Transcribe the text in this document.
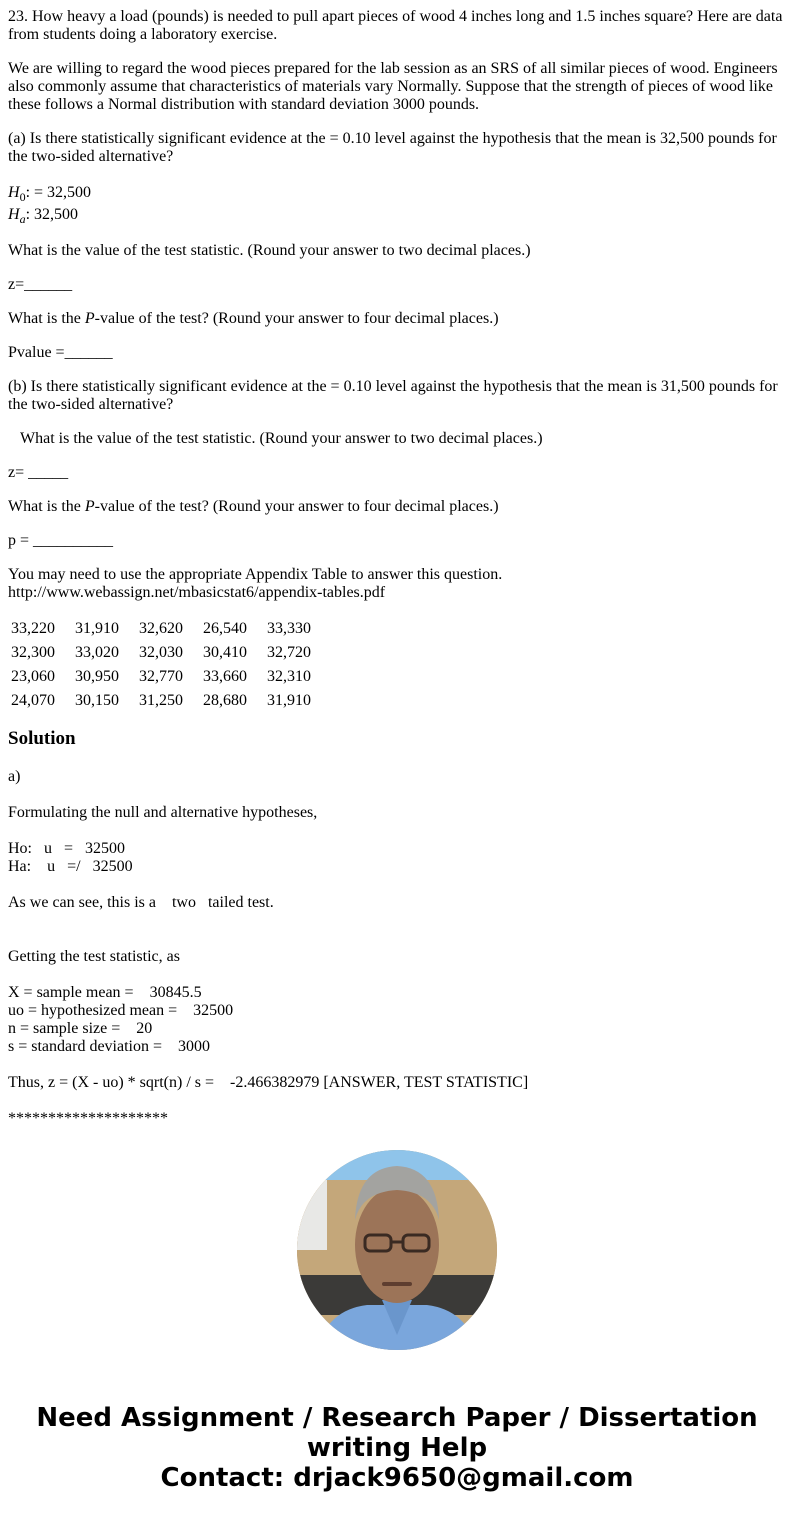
23. How heavy a load (pounds) is needed to pull apart pieces of wood 4 inches long and 1.5 inches square? Here are data from students doing a laboratory exercise.

We are willing to regard the wood pieces prepared for the lab session as an SRS of all similar pieces of wood. Engineers also commonly assume that characteristics of materials vary Normally. Suppose that the strength of pieces of wood like these follows a Normal distribution with standard deviation 3000 pounds.

(a) Is there statistically significant evidence at the = 0.10 level against the hypothesis that the mean is 32,500 pounds for the two-sided alternative?

$H_0$: = 32,500
$H_a$: 32,500

What is the value of the test statistic. (Round your answer to two decimal places.)

z=______

What is the P-value of the test? (Round your answer to four decimal places.)

Pvalue =______

(b) Is there statistically significant evidence at the = 0.10 level against the hypothesis that the mean is 31,500 pounds for the two-sided alternative?

What is the value of the test statistic. (Round your answer to two decimal places.)

z= _____

What is the P-value of the test? (Round your answer to four decimal places.)

p = __________

You may need to use the appropriate Appendix Table to answer this question.
http://www.webassign.net/mbasicstat6/appendix-tables.pdf

33,220	31,910	32,620	26,540	33,330
32,300	33,020	32,030	30,410	32,720
23,060	30,950	32,770	33,660	32,310
24,070	30,150	31,250	28,680	31,910
Solution

a)

Formulating the null and alternative hypotheses,

Ho:   u   =   32500
Ha:    u   =/   32500

As we can see, this is a    two   tailed test.

Getting the test statistic, as

X = sample mean =    30845.5
uo = hypothesized mean =    32500
n = sample size =    20
s = standard deviation =    3000

Thus, z = (X - uo) * sqrt(n) / s =    -2.466382979 [ANSWER, TEST STATISTIC]

********************

Need Assignment / Research Paper / Dissertation
writing Help
Contact: drjack9650@gmail.com
